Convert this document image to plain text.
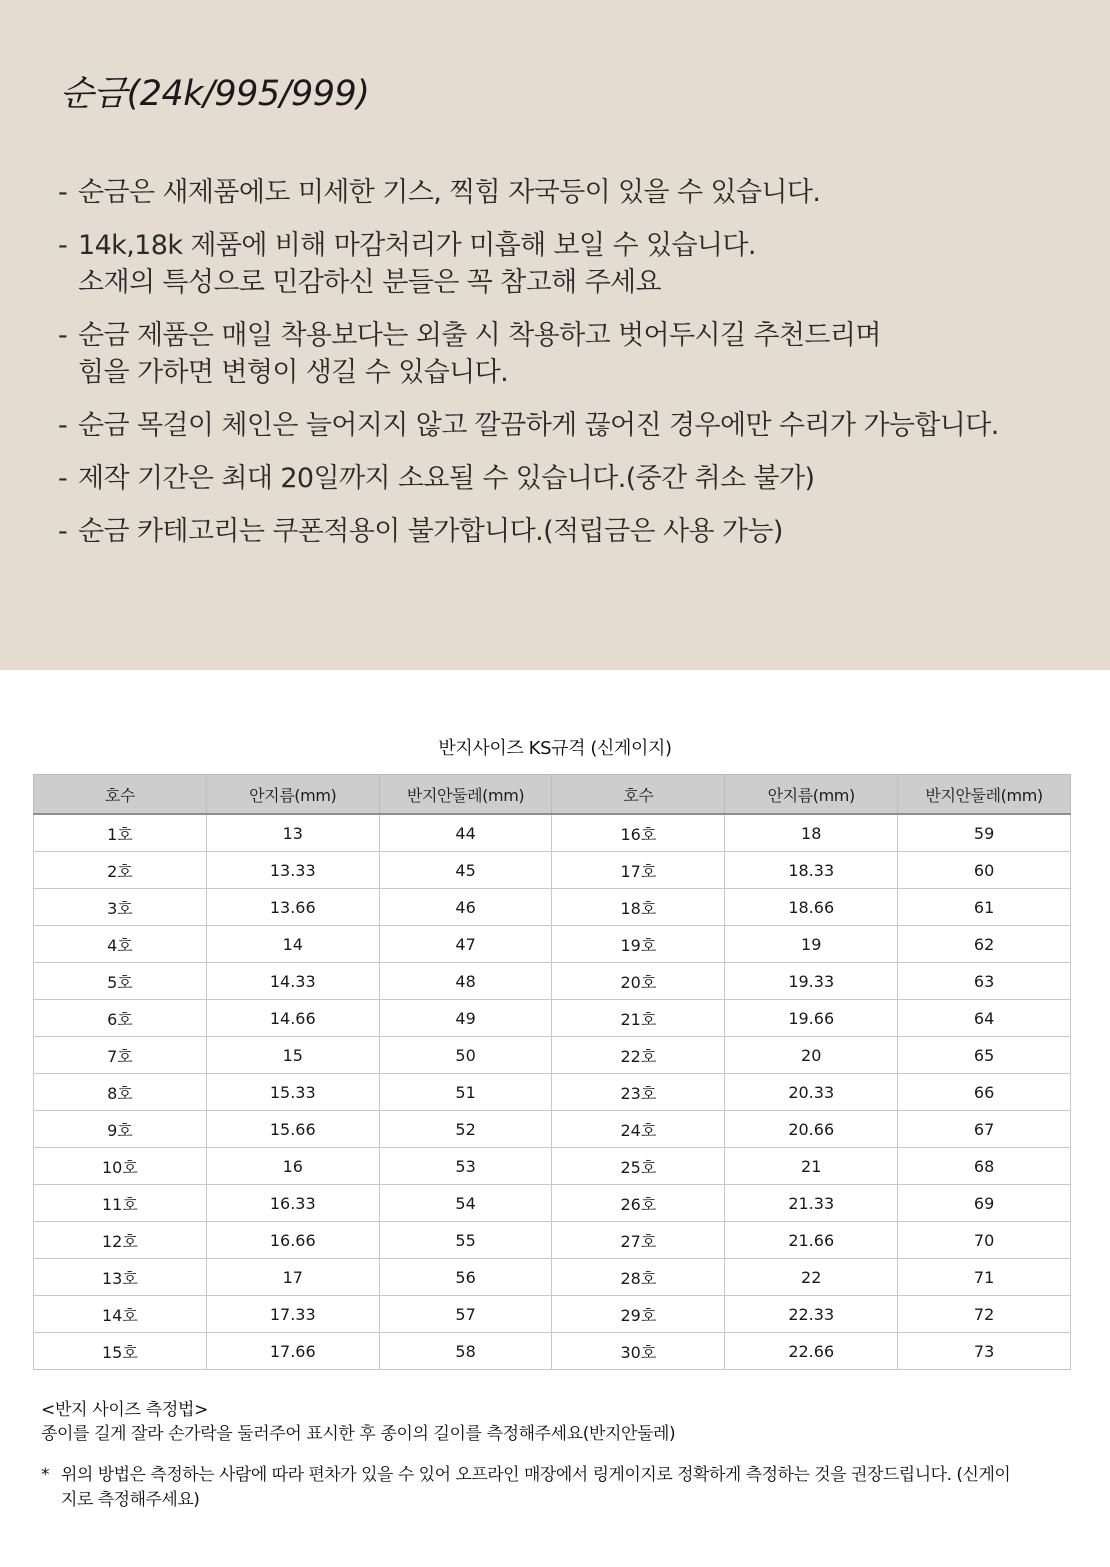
순금(24k/995/999)
- 순금은 새제품에도 미세한 기스, 찍힘 자국등이 있을 수 있습니다.
- 14k,18k 제품에 비해 마감처리가 미흡해 보일 수 있습니다.
소재의 특성으로 민감하신 분들은 꼭 참고해 주세요
- 순금 제품은 매일 착용보다는 외출 시 착용하고 벗어두시길 추천드리며
힘을 가하면 변형이 생길 수 있습니다.
- 순금 목걸이 체인은 늘어지지 않고 깔끔하게 끊어진 경우에만 수리가 가능합니다.
- 제작 기간은 최대 20일까지 소요될 수 있습니다.(중간 취소 불가)
- 순금 카테고리는 쿠폰적용이 불가합니다.(적립금은 사용 가능)
반지사이즈 KS규격 (신게이지)
호수	안지름(mm)	반지안둘레(mm)	호수	안지름(mm)	반지안둘레(mm)
1호	13	44	16호	18	59
2호	13.33	45	17호	18.33	60
3호	13.66	46	18호	18.66	61
4호	14	47	19호	19	62
5호	14.33	48	20호	19.33	63
6호	14.66	49	21호	19.66	64
7호	15	50	22호	20	65
8호	15.33	51	23호	20.33	66
9호	15.66	52	24호	20.66	67
10호	16	53	25호	21	68
11호	16.33	54	26호	21.33	69
12호	16.66	55	27호	21.66	70
13호	17	56	28호	22	71
14호	17.33	57	29호	22.33	72
15호	17.66	58	30호	22.66	73
<반지 사이즈 측정법>
종이를 길게 잘라 손가락을 둘러주어 표시한 후 종이의 길이를 측정해주세요(반지안둘레)
* 위의 방법은 측정하는 사람에 따라 편차가 있을 수 있어 오프라인 매장에서 링게이지로 정확하게 측정하는 것을 권장드립니다. (신게이
지로 측정해주세요)
